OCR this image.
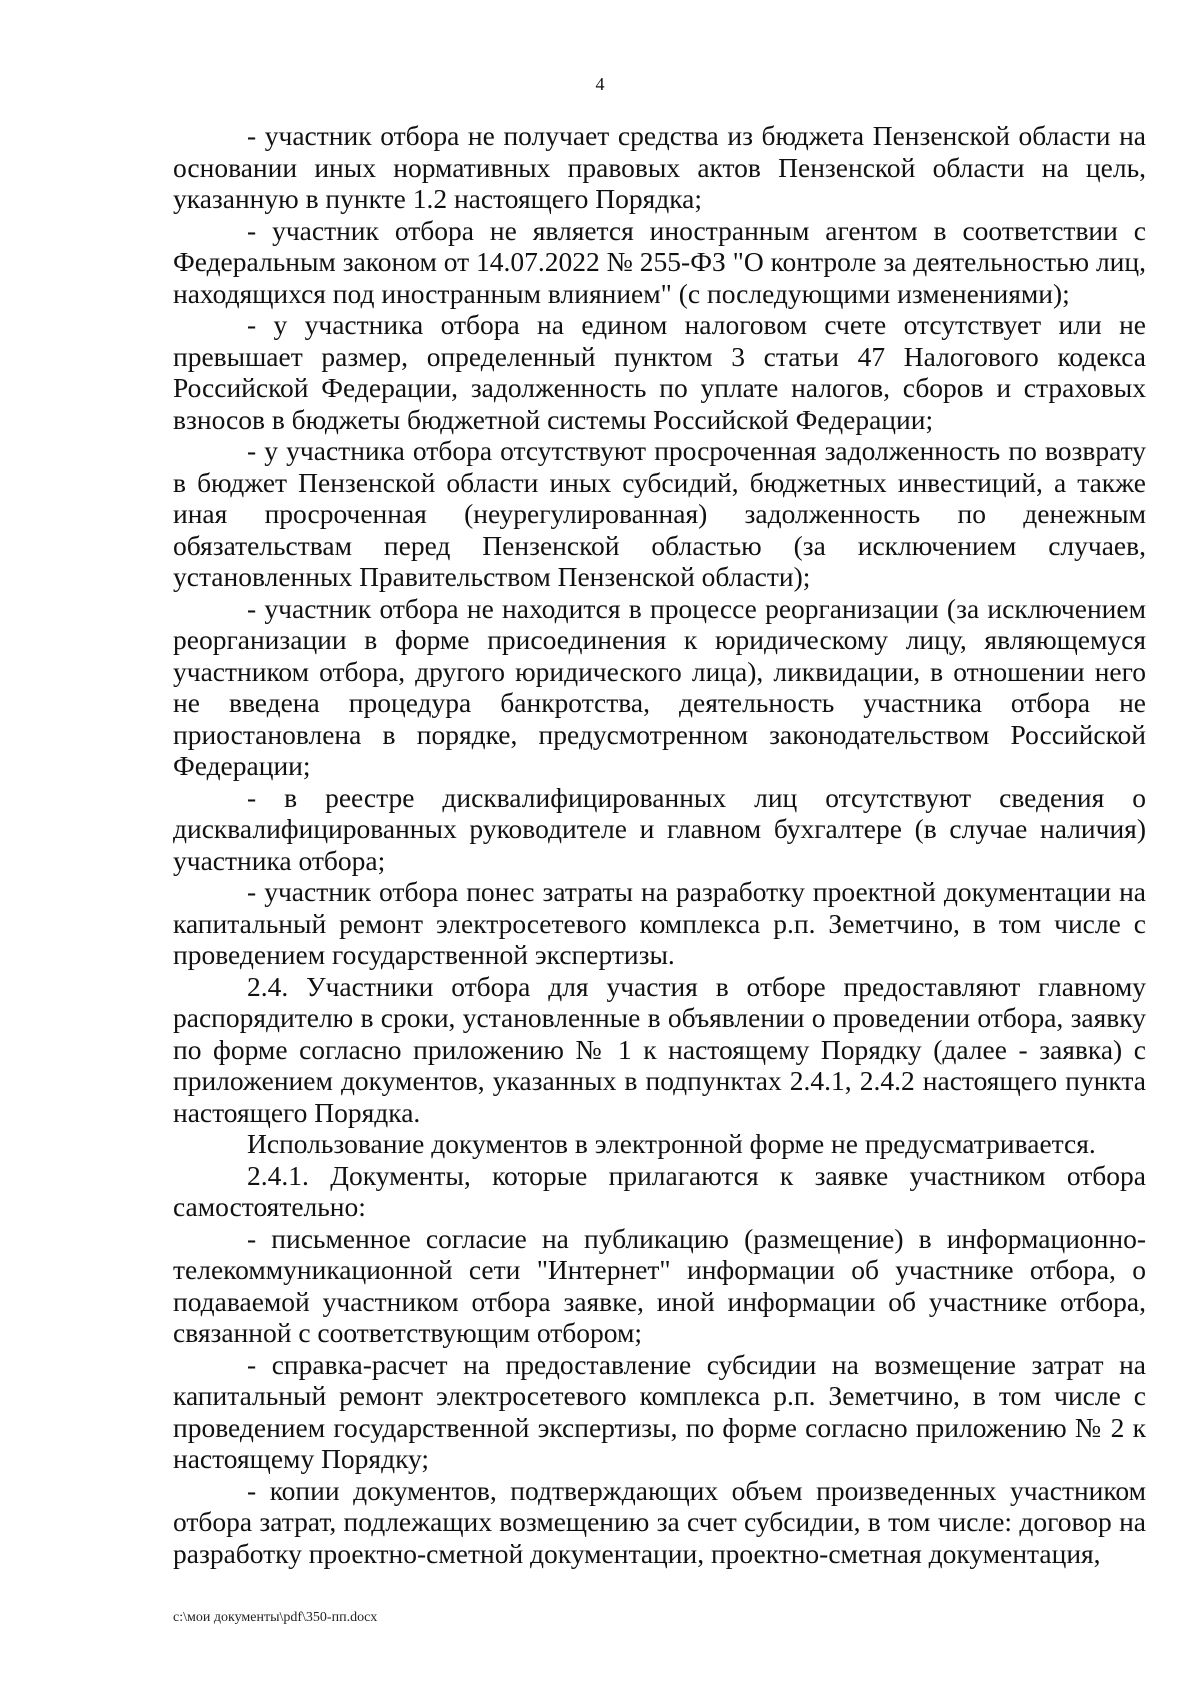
4

- участник отбора не получает средства из бюджета Пензенской области на основании иных нормативных правовых актов Пензенской области на цель, указанную в пункте 1.2 настоящего Порядка;

- участник отбора не является иностранным агентом в соответствии с Федеральным законом от 14.07.2022 № 255-ФЗ "О контроле за деятельностью лиц, находящихся под иностранным влиянием" (с последующими изменениями);

- у участника отбора на едином налоговом счете отсутствует или не превышает размер, определенный пунктом 3 статьи 47 Налогового кодекса Российской Федерации, задолженность по уплате налогов, сборов и страховых взносов в бюджеты бюджетной системы Российской Федерации;

- у участника отбора отсутствуют просроченная задолженность по возврату в бюджет Пензенской области иных субсидий, бюджетных инвестиций, а также иная просроченная (неурегулированная) задолженность по денежным обязательствам перед Пензенской областью (за исключением случаев, установленных Правительством Пензенской области);

- участник отбора не находится в процессе реорганизации (за исключением реорганизации в форме присоединения к юридическому лицу, являющемуся участником отбора, другого юридического лица), ликвидации, в отношении него не введена процедура банкротства, деятельность участника отбора не приостановлена в порядке, предусмотренном законодательством Российской Федерации;

- в реестре дисквалифицированных лиц отсутствуют сведения о дисквалифицированных руководителе и главном бухгалтере (в случае наличия) участника отбора;

- участник отбора понес затраты на разработку проектной документации на капитальный ремонт электросетевого комплекса р.п. Земетчино, в том числе с проведением государственной экспертизы.

2.4. Участники отбора для участия в отборе предоставляют главному распорядителю в сроки, установленные в объявлении о проведении отбора, заявку по форме согласно приложению № 1 к настоящему Порядку (далее - заявка) с приложением документов, указанных в подпунктах 2.4.1, 2.4.2 настоящего пункта настоящего Порядка.

Использование документов в электронной форме не предусматривается.

2.4.1. Документы, которые прилагаются к заявке участником отбора самостоятельно:

- письменное согласие на публикацию (размещение) в информационно-телекоммуникационной сети "Интернет" информации об участнике отбора, о подаваемой участником отбора заявке, иной информации об участнике отбора, связанной с соответствующим отбором;

- справка-расчет на предоставление субсидии на возмещение затрат на капитальный ремонт электросетевого комплекса р.п. Земетчино, в том числе с проведением государственной экспертизы, по форме согласно приложению № 2 к настоящему Порядку;

- копии документов, подтверждающих объем произведенных участником отбора затрат, подлежащих возмещению за счет субсидии, в том числе: договор на разработку проектно-сметной документации, проектно-сметная документация,

c:\мои документы\pdf\350-пп.docx
